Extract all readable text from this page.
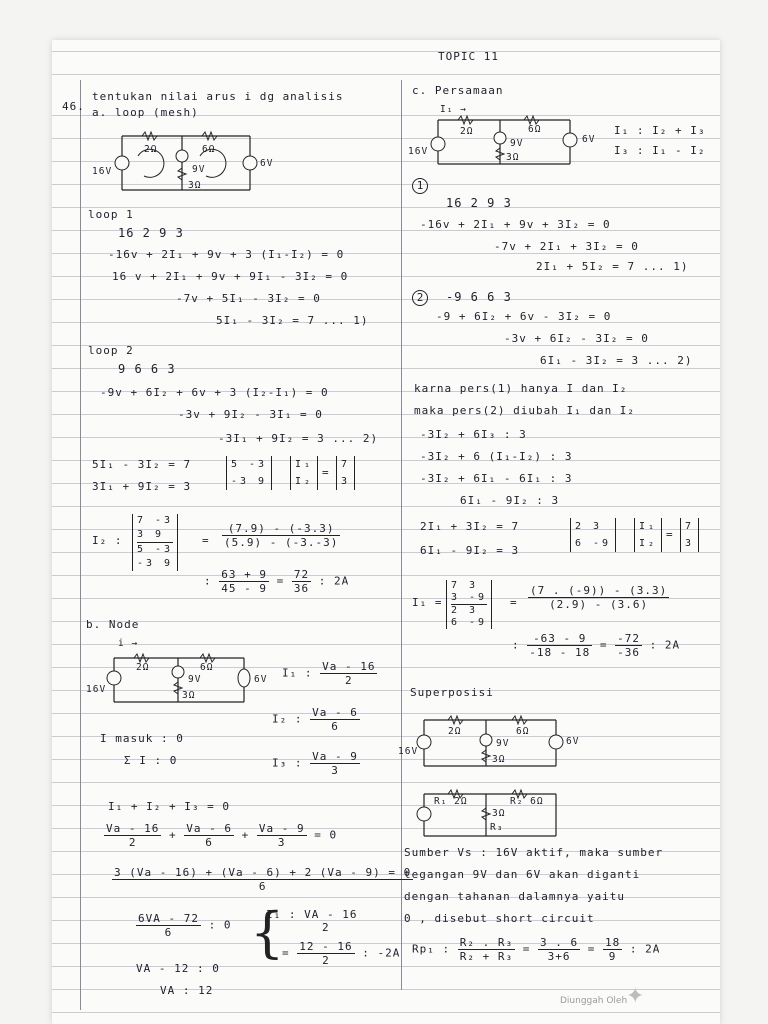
TOPIC 11
46.
tentukan nilai arus i dg analisis
a. loop (mesh)
16V
2Ω	6Ω
9V
6V
3Ω
loop 1
16 2 9 3
-16v + 2I₁ + 9v + 3 (I₁-I₂) = 0
16 v + 2I₁ + 9v + 9I₁ - 3I₂ = 0
-7v + 5I₁ - 3I₂ = 0
5I₁ - 3I₂ = 7 ... 1)
loop 2
9 6 6 3
-9v + 6I₂ + 6v + 3 (I₂-I₁) = 0
-3v + 9I₂ - 3I₁ = 0
-3I₁ + 9I₂ = 3 ... 2)
5I₁ - 3I₂ = 7
3I₁ + 9I₂ = 3
5 -3
-3 9
I₁
I₂
=
7
3
I₂ :
7 -3
3 9
5 -3
-3 9
= $\frac{(7.9) - (-3.3)}{(5.9) - (-3.-3)}$
: $\frac{63 + 9}{45 - 9} = \frac{72}{36}$ : 2A
b. Node
i →
16V
2Ω	6Ω
9V	6V
3Ω
I₁ : $\frac{Va - 16}{2}$
I₂ : $\frac{Va - 6}{6}$
I masuk : 0
Σ I : 0	I₃ : $\frac{Va - 9}{3}$
I₁ + I₂ + I₃ = 0
$\frac{Va - 16}{2} + \frac{Va - 6}{6} + \frac{Va - 9}{3} = 0$
$\frac{3 (Va - 16) + (Va - 6) + 2 (Va - 9) = 0}{6}$
$\frac{6VA - 72}{6}$ : 0 {
I₁ : VA - 16
2
= $\frac{12 - 16}{2}$ : -2A
VA - 12 : 0
VA : 12
c. Persamaan
I₁ →
16V
2Ω	6Ω
9V	6V
3Ω
I₁ : I₂ + I₃
I₃ : I₁ - I₂
1
16 2 9 3
-16v + 2I₁ + 9v + 3I₂ = 0
-7v + 2I₁ + 3I₂ = 0
2I₁ + 5I₂ = 7 ... 1)
2	-9 6 6 3
-9 + 6I₂ + 6v - 3I₂ = 0
-3v + 6I₂ - 3I₂ = 0
6I₁ - 3I₂ = 3 ... 2)
karna pers(1) hanya I dan I₂
maka pers(2) diubah I₁ dan I₂
-3I₂ + 6I₃ : 3
-3I₂ + 6 (I₁-I₂) : 3
-3I₂ + 6I₁ - 6I₁ : 3
6I₁ - 9I₂ : 3
2I₁ + 3I₂ = 7
6I₁ - 9I₂ = 3
2 3
6 -9
I₁
I₂
=
7
3
I₁ =
7 3
3 -9
2 3
6 -9
= $\frac{(7 . (-9)) - (3.3)}{(2.9) - (3.6)}$
: $\frac{-63 - 9}{-18 - 18} = \frac{-72}{-36}$ : 2A
Superposisi
16V
2Ω	6Ω
9V	6V
3Ω
R₁ 2Ω	R₂ 6Ω
3Ω
R₃
Sumber Vs : 16V aktif, maka sumber
tegangan 9V dan 6V akan diganti
dengan tahanan dalamnya yaitu
0 , disebut short circuit
Rp₁ : $\frac{\text{R₂ . R₃}}{\text{R₂ + R₃}} = \frac{3 . 6}{3+6} = \frac{18}{9}$ : 2A
Diunggah Oleh
✦
